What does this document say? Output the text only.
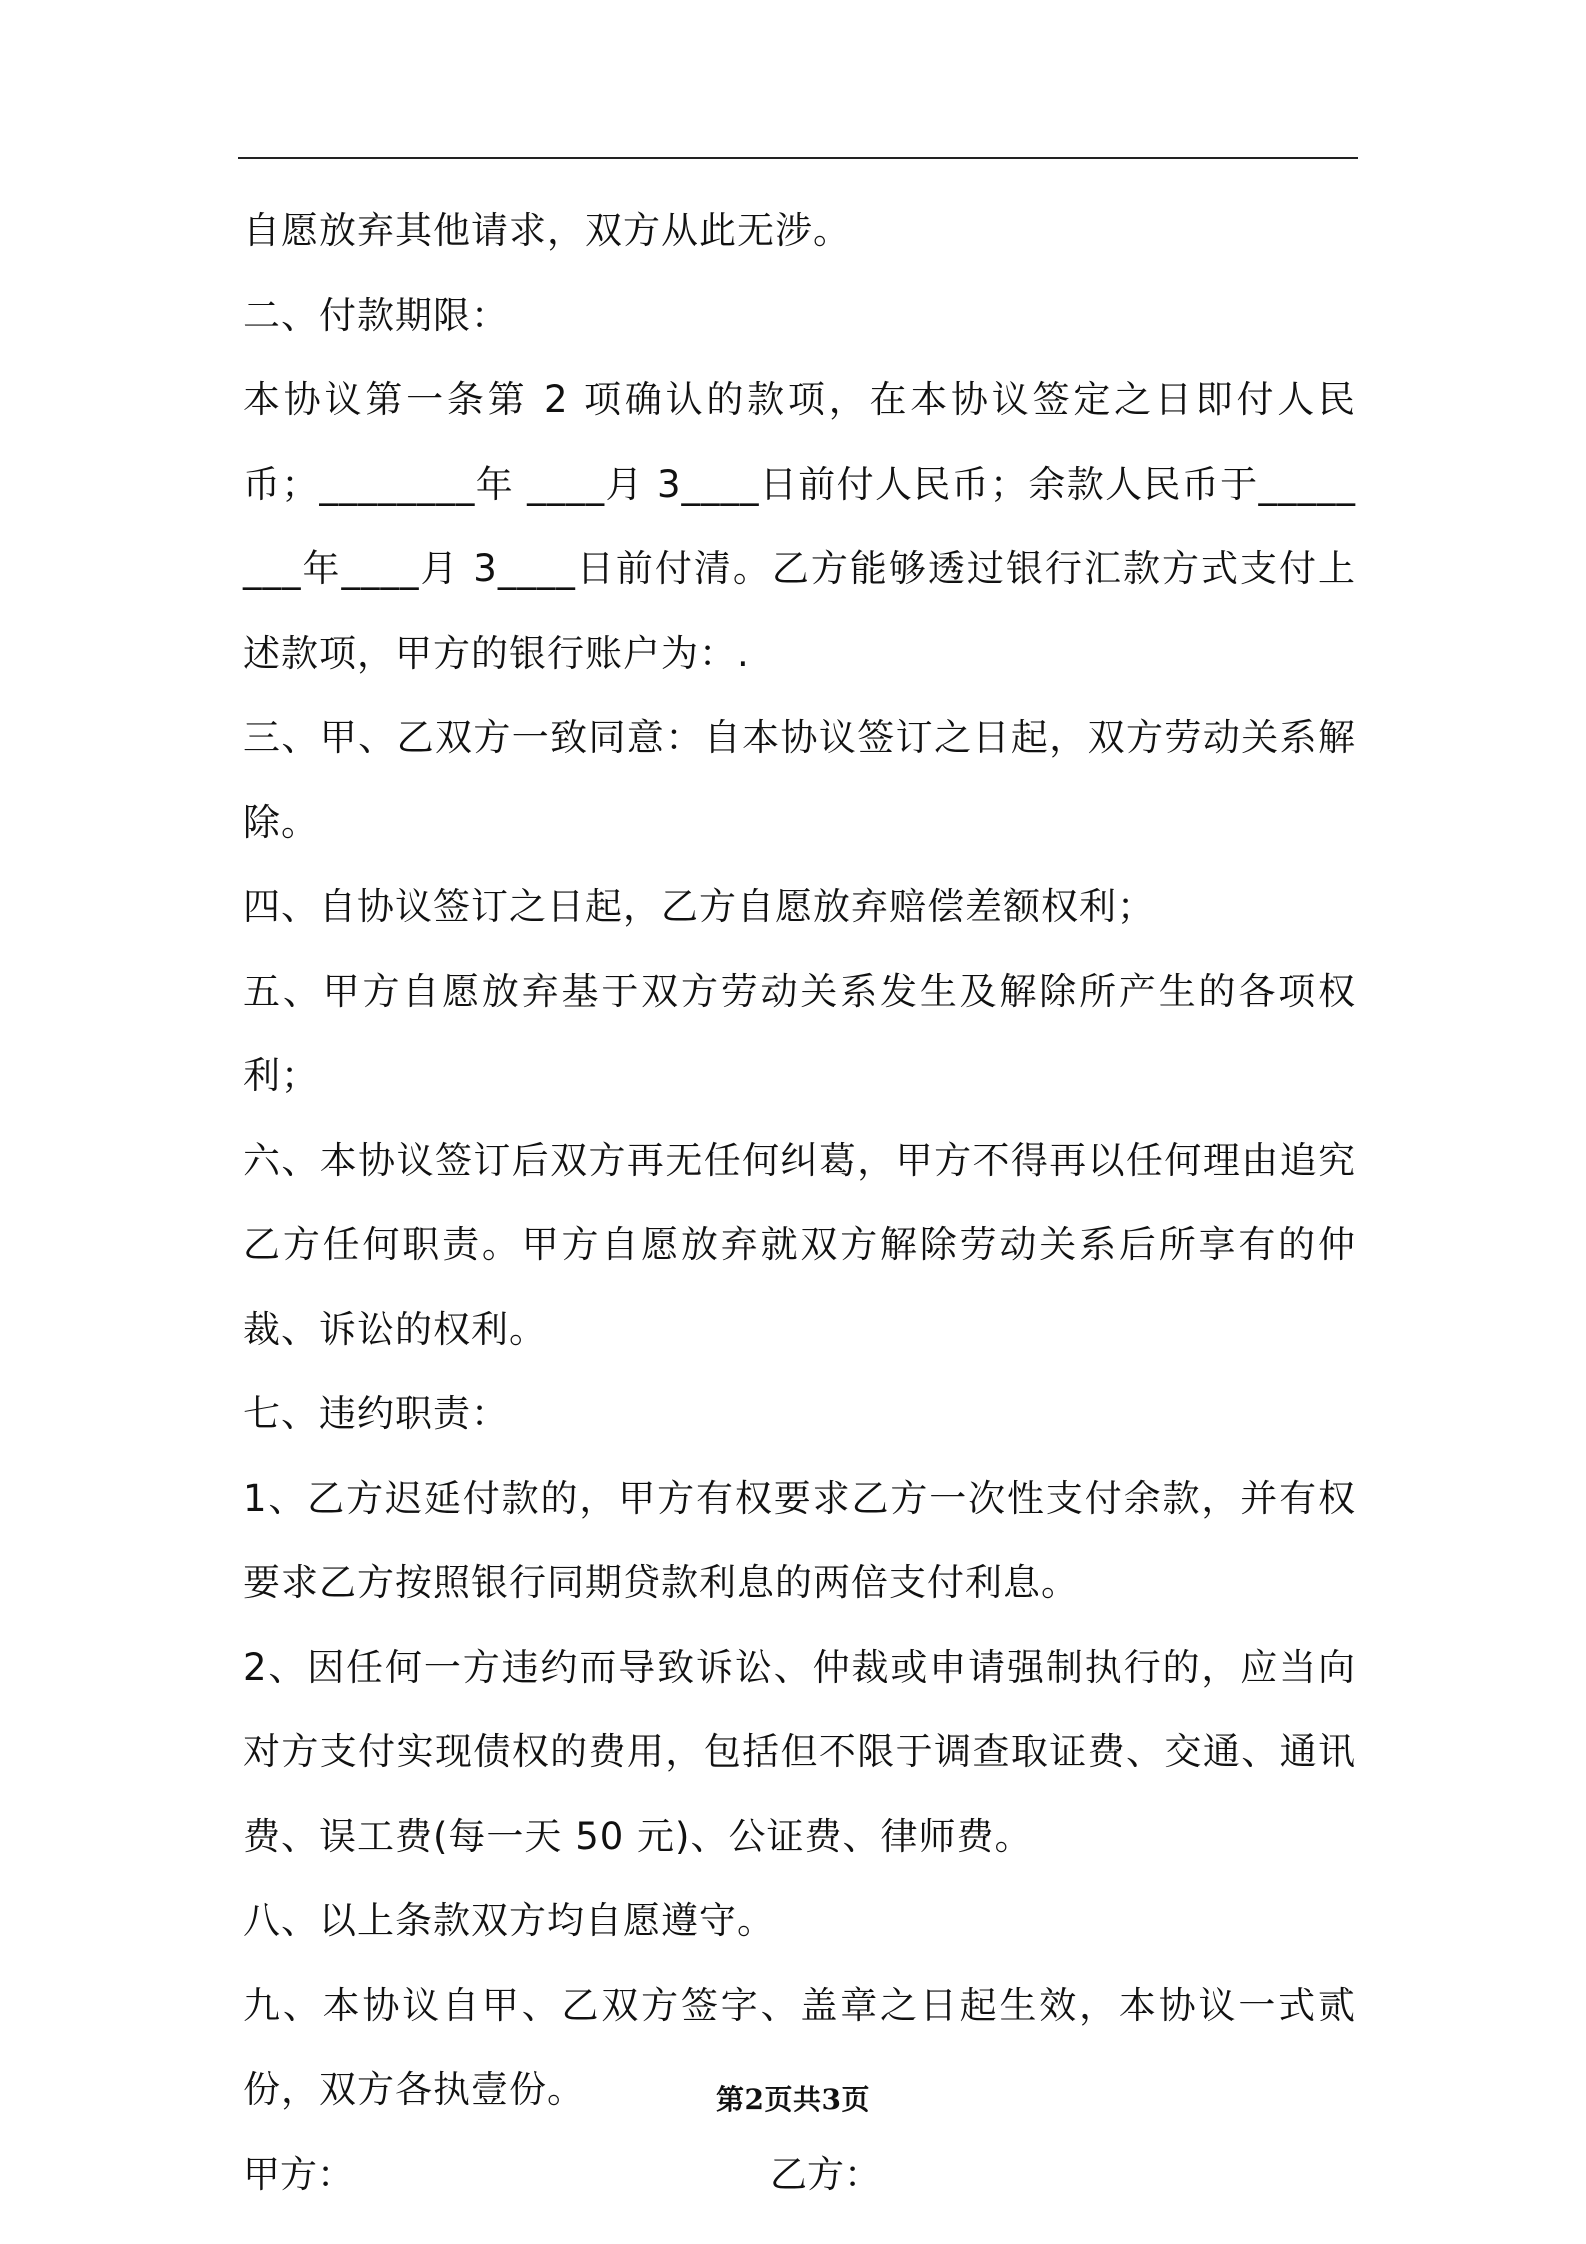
自愿放弃其他请求，双方从此无涉。

二、付款期限：

本协议第一条第 2 项确认的款项，在本协议签定之日即付人民币；________年 ____月 3____日前付人民币；余款人民币于________年____月 3____日前付清。乙方能够透过银行汇款方式支付上述款项，甲方的银行账户为：.

三、甲、乙双方一致同意：自本协议签订之日起，双方劳动关系解除。

四、自协议签订之日起，乙方自愿放弃赔偿差额权利；

五、甲方自愿放弃基于双方劳动关系发生及解除所产生的各项权利；

六、本协议签订后双方再无任何纠葛，甲方不得再以任何理由追究乙方任何职责。甲方自愿放弃就双方解除劳动关系后所享有的仲裁、诉讼的权利。

七、违约职责：

1、乙方迟延付款的，甲方有权要求乙方一次性支付余款，并有权要求乙方按照银行同期贷款利息的两倍支付利息。

2、因任何一方违约而导致诉讼、仲裁或申请强制执行的，应当向对方支付实现债权的费用，包括但不限于调查取证费、交通、通讯费、误工费(每一天 50 元)、公证费、律师费。

八、以上条款双方均自愿遵守。

九、本协议自甲、乙双方签字、盖章之日起生效，本协议一式贰份，双方各执壹份。

甲方：	乙方：
第2页共3页
